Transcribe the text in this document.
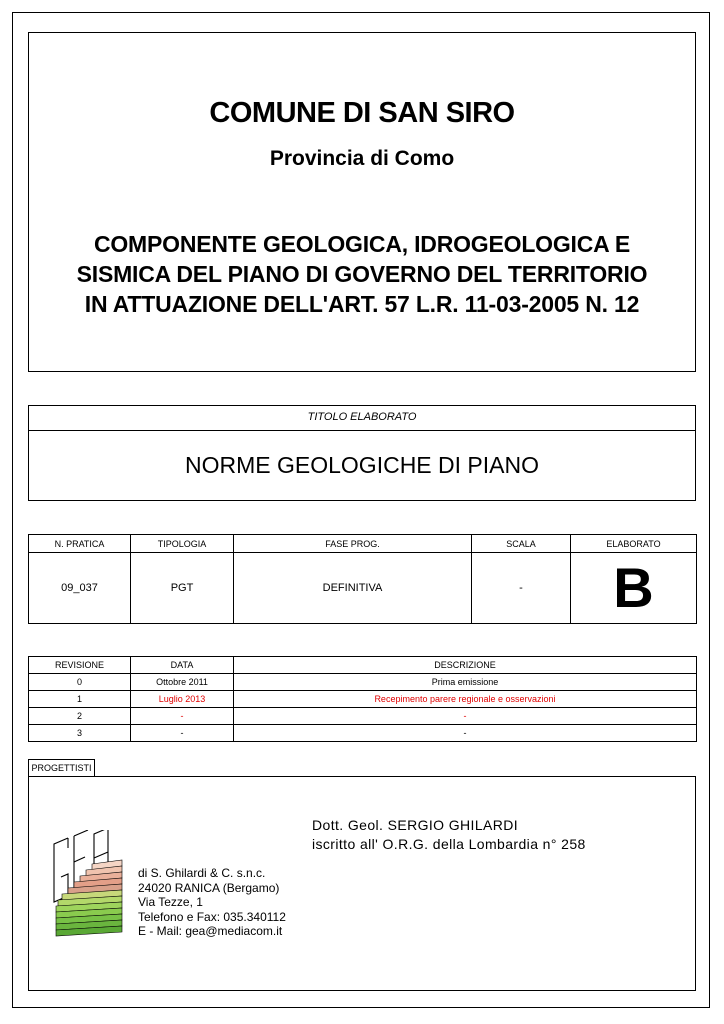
COMUNE DI SAN SIRO
Provincia di Como
COMPONENTE GEOLOGICA, IDROGEOLOGICA E
SISMICA DEL PIANO DI GOVERNO DEL TERRITORIO
IN ATTUAZIONE DELL'ART. 57 L.R. 11-03-2005 N. 12
TITOLO ELABORATO
NORME GEOLOGICHE DI PIANO
N. PRATICA	TIPOLOGIA	FASE PROG.	SCALA	ELABORATO
09_037	PGT	DEFINITIVA	-	B
REVISIONE	DATA	DESCRIZIONE
0	Ottobre 2011	Prima emissione
1	Luglio 2013	Recepimento parere regionale e osservazioni
2	-	-
3	-	-
PROGETTISTI
Dott. Geol. SERGIO GHILARDI
iscritto all' O.R.G. della Lombardia n° 258
di S. Ghilardi & C. s.n.c.
24020 RANICA (Bergamo)
Via Tezze, 1
Telefono e Fax: 035.340112
E - Mail: gea@mediacom.it
